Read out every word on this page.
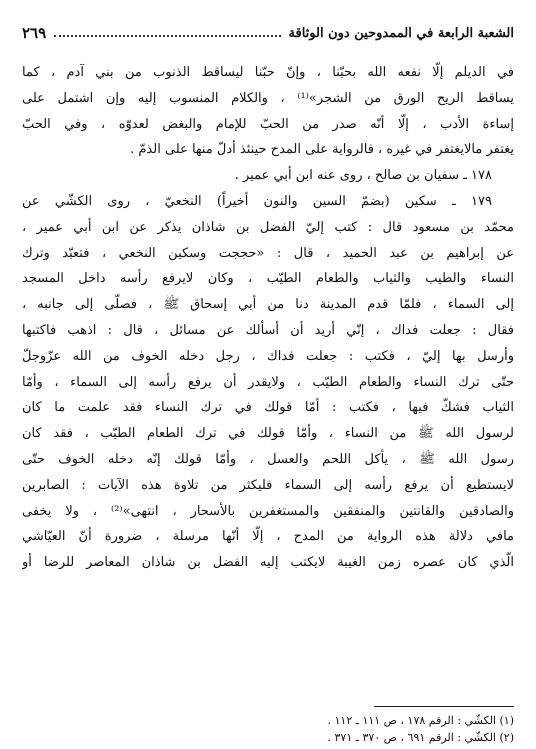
الشعبة الرابعة في الممدوحين دون الوثاقة
٢٦٩
في الديلم إلّا نفعه الله بحبّنا ، وإنّ حبّنا ليساقط الذنوب من بني آدم ، كما
يساقط الريح الورق من الشجر»⁽¹⁾ ، والكلام المنسوب إليه وإن اشتمل على
إساءة الأدب ، إلّا أنّه صدر من الحبّ للإمام والبغض لعدوّه ، وفي الحبّ
يغتفر مالايغتفر في غيره ، فالرواية على المدح حينئذ أدلّ منها على الذمّ .
١٧٨ ـ سفيان بن صالح ، روى عنه ابن أبي عمير .
١٧٩ ـ سكين (بضمّ السين والنون أخيراً) النخعيّ ، روى الكشّي عن
محمّد بن مسعود قال : كتب إليّ الفضل بن شاذان يذكر عن ابن أبي عمير ،
عن إبراهيم بن عبد الحميد ، قال : «حججت وسكين النخعي ، فتعبّد وترك
النساء والطيب والثياب والطعام الطيّب ، وكان لايرفع رأسه داخل المسجد
إلى السماء ، فلمّا قدم المدينة دنا من أبي إسحاق ﷺ ، فصلّى إلى جانبه ،
فقال : جعلت فداك ، إنّي أريد أن أسألك عن مسائل ، قال : اذهب فاكتبها
وأرسل بها إليّ ، فكتب : جعلت فداك ، رجل دخله الخوف من الله عزّوجلّ
حتّى ترك النساء والطعام الطيّب ، ولايقدر أن يرفع رأسه إلى السماء ، وأمّا
الثياب فشكّ فيها ، فكتب : أمّا قولك في ترك النساء فقد علمت ما كان
لرسول الله ﷺ من النساء ، وأمّا قولك في ترك الطعام الطيّب ، فقد كان
رسول الله ﷺ ، يأكل اللحم والعسل ، وأمّا قولك إنّه دخله الخوف حتّى
لايستطيع أن يرفع رأسه إلى السماء فليكثر من تلاوة هذه الآيات : الصابرين
والصادقين والقانتين والمنفقين والمستغفرين بالأسحار ، انتهى»⁽²⁾ ، ولا يخفى
مافي دلالة هذه الرواية من المدح ، إلّا أنّها مرسلة ، ضرورة أنّ العيّاشي
الّذي كان عصره زمن الغيبة لايكتب إليه الفضل بن شاذان المعاصر للرضا أو
(١) الكشّي : الرقم ١٧٨ ، ص ١١١ ـ ١١٢ .
(٢) الكشّي : الرقم ٦٩١ ، ص ٣٧٠ ـ ٣٧١ .
